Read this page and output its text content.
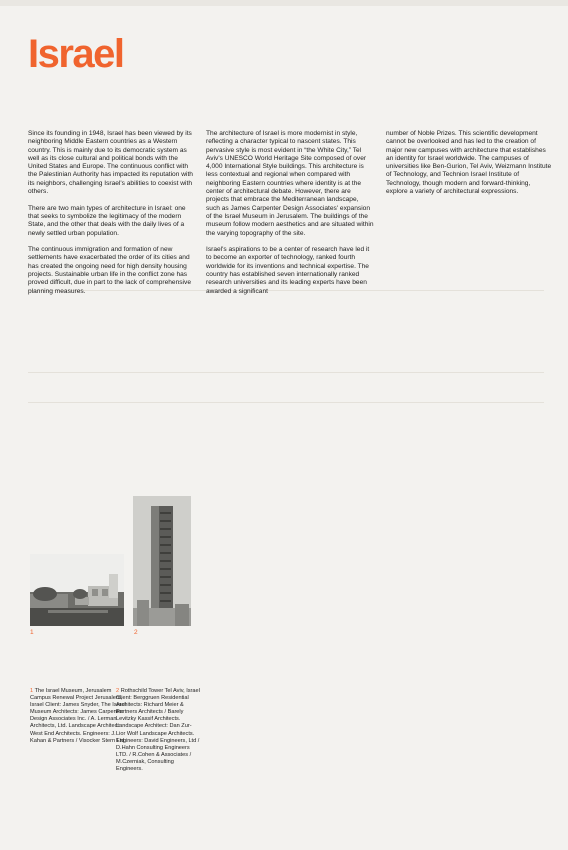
Israel

Since its founding in 1948, Israel has been viewed by its neighboring Middle Eastern countries as a Western country. This is mainly due to its democratic system as well as its close cultural and political bonds with the United States and Europe. The continuous conflict with the Palestinian Authority has impacted its reputation with its neighbors, challenging Israel's abilities to coexist with others.

There are two main types of architecture in Israel: one that seeks to symbolize the legitimacy of the modern State, and the other that deals with the daily lives of a newly settled urban population.

The continuous immigration and formation of new settlements have exacerbated the order of its cities and has created the ongoing need for high density housing projects. Sustainable urban life in the conflict zone has proved difficult, due in part to the lack of comprehensive planning measures.

The architecture of Israel is more modernist in style, reflecting a character typical to nascent states. This pervasive style is most evident in “the White City,” Tel Aviv's UNESCO World Heritage Site composed of over 4,000 International Style buildings. This architecture is less contextual and regional when compared with neighboring Eastern countries where identity is at the center of architectural debate. However, there are projects that embrace the Mediterranean landscape, such as James Carpenter Design Associates' expansion of the Israel Museum in Jerusalem. The buildings of the museum follow modern aesthetics and are situated within the varying topography of the site.

Israel's aspirations to be a center of research have led it to become an exporter of technology, ranked fourth worldwide for its inventions and technical expertise. The country has established seven internationally ranked research universities and its leading experts have been awarded a significant

number of Noble Prizes. This scientific development cannot be overlooked and has led to the creation of major new campuses with architecture that establishes an identity for Israel worldwide. The campuses of universities like Ben-Gurion, Tel Aviv, Weizmann Institute of Technology, and Technion Israel Institute of Technology, though modern and forward-thinking, explore a variety of architectural expressions.

1	2
1 The Israel Museum, Jerusalem Campus Renewal Project Jerusalem, Israel Client: James Snyder, The Israel Museum Architects: James Carpenter Design Associates Inc. / A. Lerman Architects, Ltd. Landscape Architect: West End Architects. Engineers: J. Kahan & Partners / Visocker Stern Ltd.
2 Rothschild Tower Tel Aviv, Israel Client: Berggruen Residential Architects: Richard Meier & Partners Architects / Barely Levitzky Kassif Architects. Landscape Architect: Dan Zur-Lior Wolf Landscape Architects. Engineers: David Engineers, Ltd / D.Hahn Consulting Engineers LTD. / R.Cohen & Associates / M.Czerniak, Consulting Engineers.
